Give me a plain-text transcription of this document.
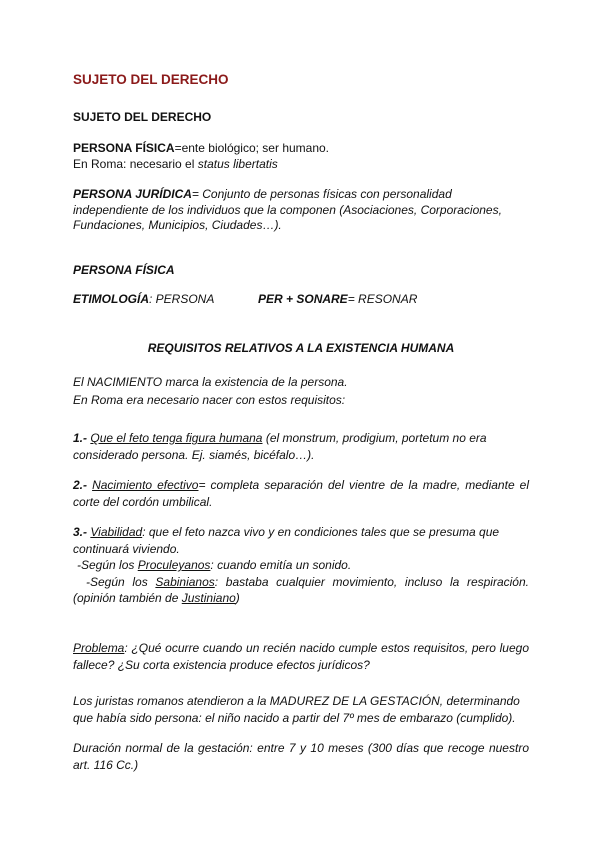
SUJETO DEL DERECHO
SUJETO DEL DERECHO
PERSONA FÍSICA=ente biológico; ser humano.
En Roma: necesario el status libertatis
PERSONA JURÍDICA= Conjunto de personas físicas con personalidad independiente de los individuos que la componen (Asociaciones, Corporaciones, Fundaciones, Municipios, Ciudades…).
PERSONA FÍSICA
ETIMOLOGÍA: PERSONA	PER + SONARE= RESONAR
REQUISITOS RELATIVOS A LA EXISTENCIA HUMANA
El NACIMIENTO marca la existencia de la persona.
En Roma era necesario nacer con estos requisitos:
1.- Que el feto tenga figura humana (el monstrum, prodigium, portetum no era considerado persona. Ej. siamés, bicéfalo…).
2.- Nacimiento efectivo= completa separación del vientre de la madre, mediante el corte del cordón umbilical.
3.- Viabilidad: que el feto nazca vivo y en condiciones tales que se presuma que continuará viviendo.
-Según los Proculeyanos: cuando emitía un sonido.
-Según los Sabinianos: bastaba cualquier movimiento, incluso la respiración.
(opinión también de Justiniano)
Problema: ¿Qué ocurre cuando un recién nacido cumple estos requisitos, pero luego fallece? ¿Su corta existencia produce efectos jurídicos?
Los juristas romanos atendieron a la MADUREZ DE LA GESTACIÓN, determinando que había sido persona: el niño nacido a partir del 7º mes de embarazo (cumplido).
Duración normal de la gestación: entre 7 y 10 meses (300 días que recoge nuestro art. 116 Cc.)
